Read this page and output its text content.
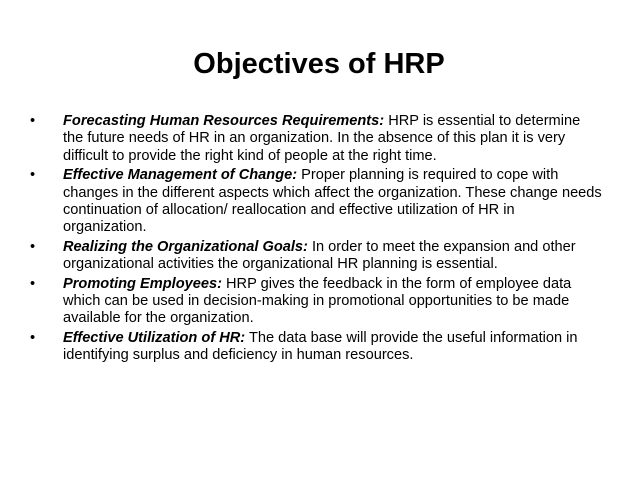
Objectives of HRP
•	Forecasting Human Resources Requirements: HRP is essential to determine the future needs of HR in an organization. In the absence of this plan it is very difficult to provide the right kind of people at the right time.
•	Effective Management of Change: Proper planning is required to cope with changes in the different aspects which affect the organization. These change needs continuation of allocation/ reallocation and effective utilization of HR in organization.
•	Realizing the Organizational Goals: In order to meet the expansion and other organizational activities the organizational HR planning is essential.
•	Promoting Employees: HRP gives the feedback in the form of employee data which can be used in decision-making in promotional opportunities to be made available for the organization.
•	Effective Utilization of HR: The data base will provide the useful information in identifying surplus and deficiency in human resources.
